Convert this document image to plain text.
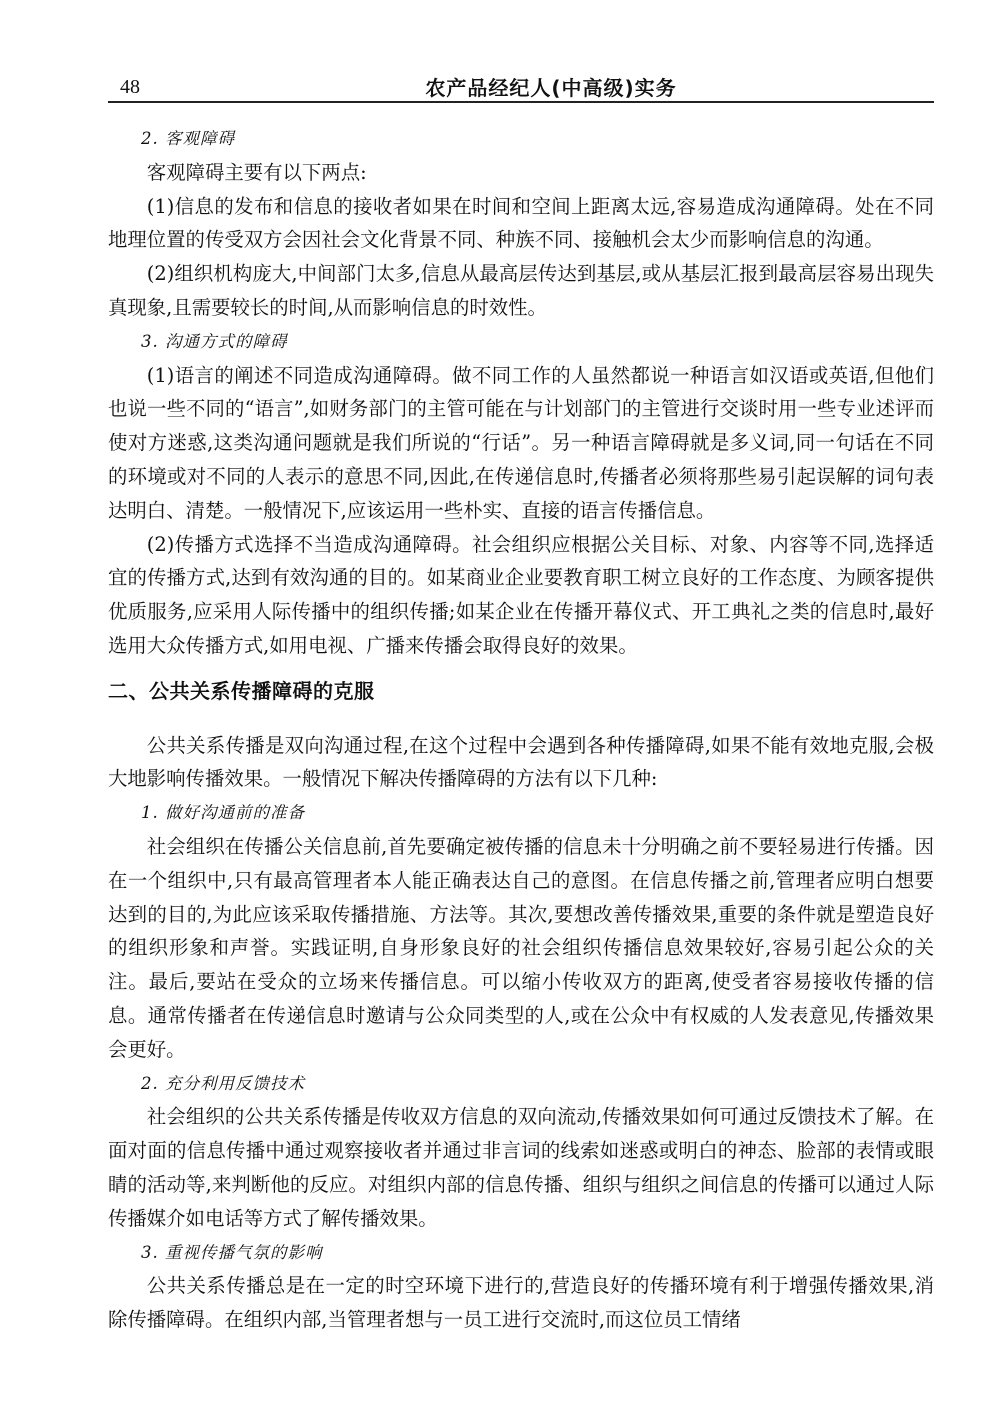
48	农产品经纪人(中高级)实务

2. 客观障碍

客观障碍主要有以下两点:

(1)信息的发布和信息的接收者如果在时间和空间上距离太远,容易造成沟通障碍。处在不同地理位置的传受双方会因社会文化背景不同、种族不同、接触机会太少而影响信息的沟通。

(2)组织机构庞大,中间部门太多,信息从最高层传达到基层,或从基层汇报到最高层容易出现失真现象,且需要较长的时间,从而影响信息的时效性。

3. 沟通方式的障碍

(1)语言的阐述不同造成沟通障碍。做不同工作的人虽然都说一种语言如汉语或英语,但他们也说一些不同的“语言”,如财务部门的主管可能在与计划部门的主管进行交谈时用一些专业述评而使对方迷惑,这类沟通问题就是我们所说的“行话”。另一种语言障碍就是多义词,同一句话在不同的环境或对不同的人表示的意思不同,因此,在传递信息时,传播者必须将那些易引起误解的词句表达明白、清楚。一般情况下,应该运用一些朴实、直接的语言传播信息。

(2)传播方式选择不当造成沟通障碍。社会组织应根据公关目标、对象、内容等不同,选择适宜的传播方式,达到有效沟通的目的。如某商业企业要教育职工树立良好的工作态度、为顾客提供优质服务,应采用人际传播中的组织传播;如某企业在传播开幕仪式、开工典礼之类的信息时,最好选用大众传播方式,如用电视、广播来传播会取得良好的效果。

二、公共关系传播障碍的克服

公共关系传播是双向沟通过程,在这个过程中会遇到各种传播障碍,如果不能有效地克服,会极大地影响传播效果。一般情况下解决传播障碍的方法有以下几种:

1. 做好沟通前的准备

社会组织在传播公关信息前,首先要确定被传播的信息未十分明确之前不要轻易进行传播。因在一个组织中,只有最高管理者本人能正确表达自己的意图。在信息传播之前,管理者应明白想要达到的目的,为此应该采取传播措施、方法等。其次,要想改善传播效果,重要的条件就是塑造良好的组织形象和声誉。实践证明,自身形象良好的社会组织传播信息效果较好,容易引起公众的关注。最后,要站在受众的立场来传播信息。可以缩小传收双方的距离,使受者容易接收传播的信息。通常传播者在传递信息时邀请与公众同类型的人,或在公众中有权威的人发表意见,传播效果会更好。

2. 充分利用反馈技术

社会组织的公共关系传播是传收双方信息的双向流动,传播效果如何可通过反馈技术了解。在面对面的信息传播中通过观察接收者并通过非言词的线索如迷惑或明白的神态、脸部的表情或眼睛的活动等,来判断他的反应。对组织内部的信息传播、组织与组织之间信息的传播可以通过人际传播媒介如电话等方式了解传播效果。

3. 重视传播气氛的影响

公共关系传播总是在一定的时空环境下进行的,营造良好的传播环境有利于增强传播效果,消除传播障碍。在组织内部,当管理者想与一员工进行交流时,而这位员工情绪
